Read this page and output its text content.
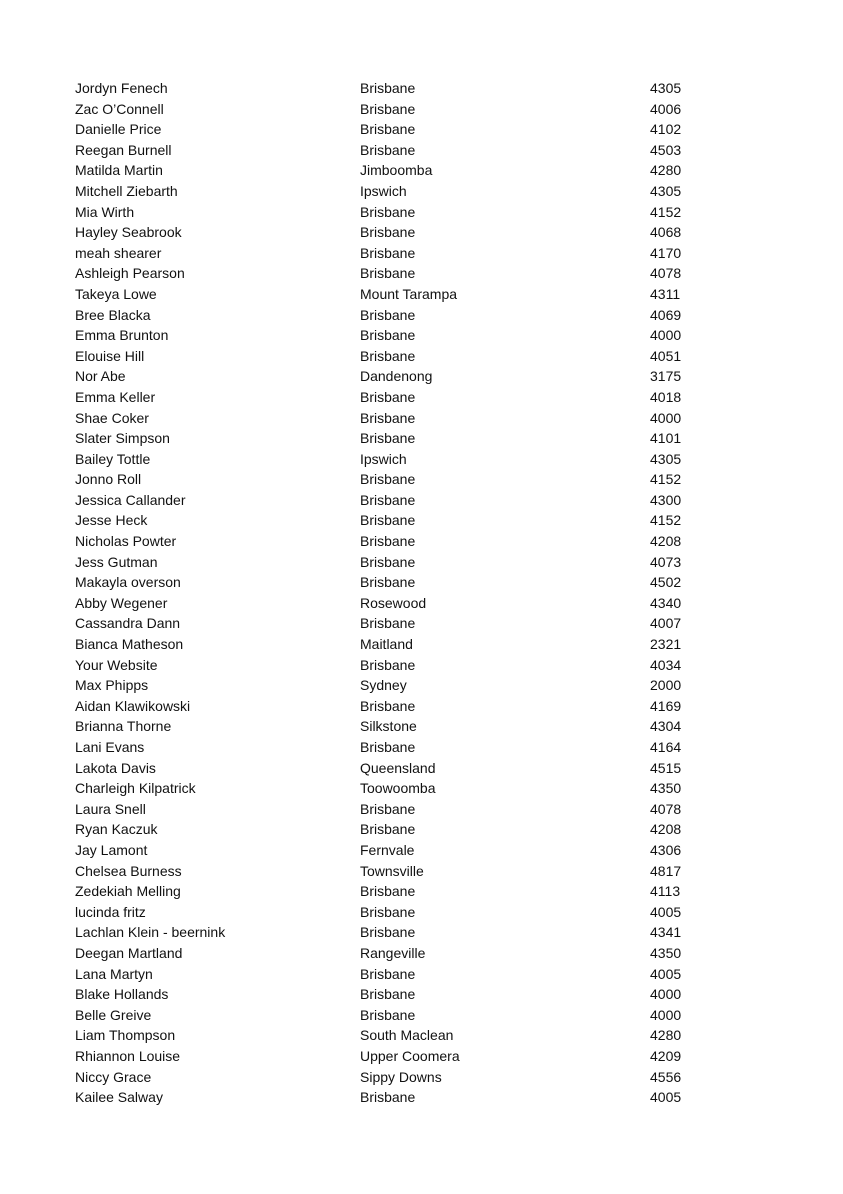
Jordyn Fenech	Brisbane	4305
Zac O’Connell	Brisbane	4006
Danielle Price	Brisbane	4102
Reegan Burnell	Brisbane	4503
Matilda Martin	Jimboomba	4280
Mitchell Ziebarth	Ipswich	4305
Mia Wirth	Brisbane	4152
Hayley Seabrook	Brisbane	4068
meah shearer	Brisbane	4170
Ashleigh Pearson	Brisbane	4078
Takeya Lowe	Mount Tarampa	4311
Bree Blacka	Brisbane	4069
Emma Brunton	Brisbane	4000
Elouise Hill	Brisbane	4051
Nor Abe	Dandenong	3175
Emma Keller	Brisbane	4018
Shae Coker	Brisbane	4000
Slater Simpson	Brisbane	4101
Bailey Tottle	Ipswich	4305
Jonno Roll	Brisbane	4152
Jessica Callander	Brisbane	4300
Jesse Heck	Brisbane	4152
Nicholas Powter	Brisbane	4208
Jess Gutman	Brisbane	4073
Makayla overson	Brisbane	4502
Abby Wegener	Rosewood	4340
Cassandra Dann	Brisbane	4007
Bianca Matheson	Maitland	2321
Your Website	Brisbane	4034
Max Phipps	Sydney	2000
Aidan Klawikowski	Brisbane	4169
Brianna Thorne	Silkstone	4304
Lani Evans	Brisbane	4164
Lakota Davis	Queensland	4515
Charleigh Kilpatrick	Toowoomba	4350
Laura Snell	Brisbane	4078
Ryan Kaczuk	Brisbane	4208
Jay Lamont	Fernvale	4306
Chelsea Burness	Townsville	4817
Zedekiah Melling	Brisbane	4113
lucinda fritz	Brisbane	4005
Lachlan Klein - beernink	Brisbane	4341
Deegan Martland	Rangeville	4350
Lana Martyn	Brisbane	4005
Blake Hollands	Brisbane	4000
Belle Greive	Brisbane	4000
Liam Thompson	South Maclean	4280
Rhiannon Louise	Upper Coomera	4209
Niccy Grace	Sippy Downs	4556
Kailee Salway	Brisbane	4005
